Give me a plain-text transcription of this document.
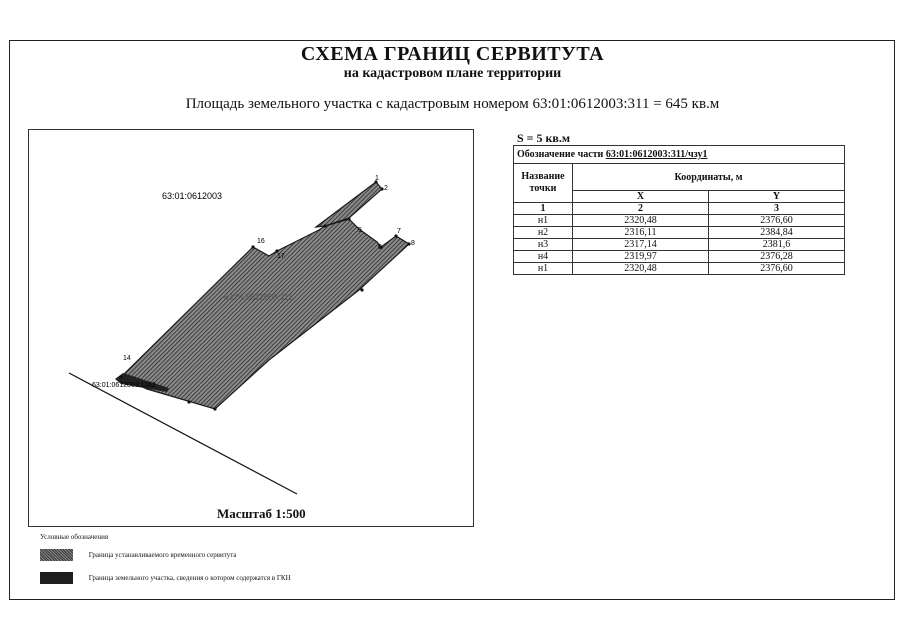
СХЕМА ГРАНИЦ СЕРВИТУТА
на кадастровом плане территории
Площадь земельного участка с кадастровым номером 63:01:0612003:311 = 645 кв.м
63:01:0612003
63:01:0612003:311
63:01:0612003:1162
1
2
5
6
7
8
14
16
17
Масштаб 1:500
S = 5 кв.м
Обозначение части 63:01:0612003:311/чзу1		
Название точки	Координаты, м	
	X	Y
1	2	3
н1	2320,48	2376,60
н2	2316,11	2384,84
н3	2317,14	2381,6
н4	2319,97	2376,28
н1	2320,48	2376,60
Условные обозначения
Граница устанавливаемого временного сервитута
Граница земельного участка, сведения о котором содержатся в ГКН
